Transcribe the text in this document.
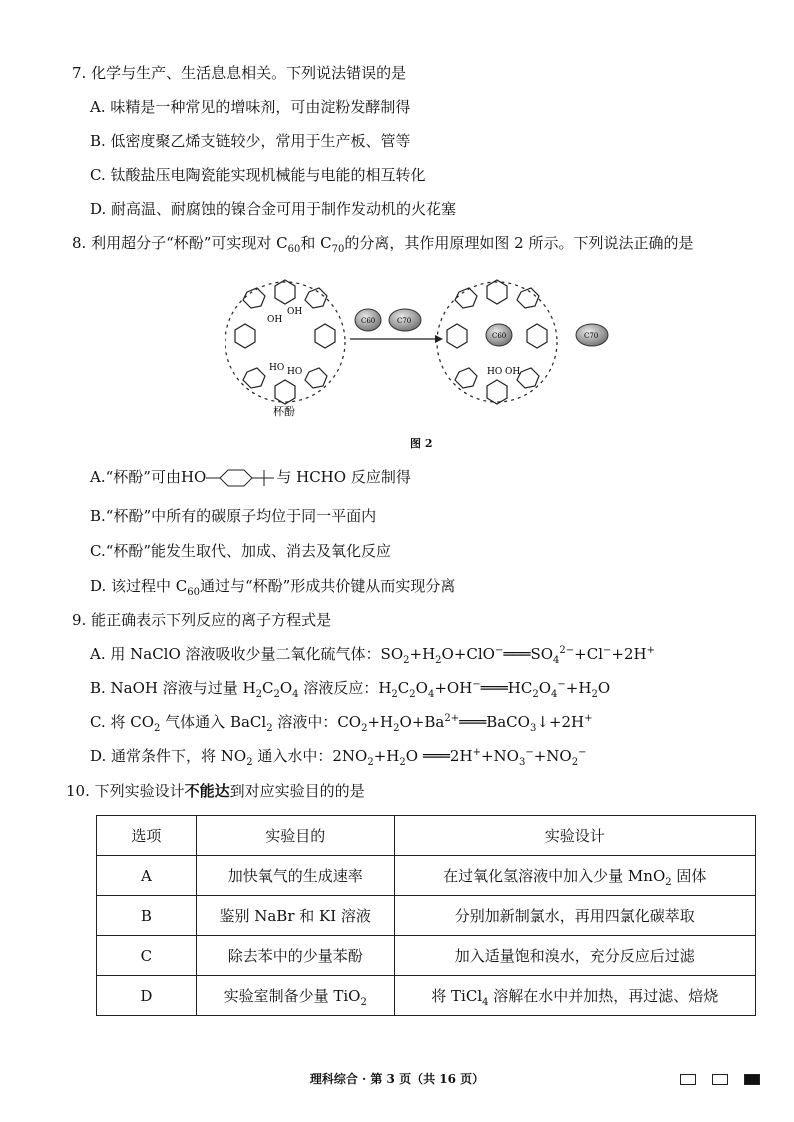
7. 化学与生产、生活息息相关。下列说法错误的是
A. 味精是一种常见的增味剂，可由淀粉发酵制得
B. 低密度聚乙烯支链较少，常用于生产板、管等
C. 钛酸盐压电陶瓷能实现机械能与电能的相互转化
D. 耐高温、耐腐蚀的镍合金可用于制作发动机的火花塞
8. 利用超分子“杯酚”可实现对 $C_{60}$和 $C_{70}$的分离，其作用原理如图 2 所示。下列说法正确的是
OH
OH
HO HO
杯酚
C60	C70
C60
HO OH
C70
图 2
A.“杯酚”可由HO	与 HCHO 反应制得
B.“杯酚”中所有的碳原子均位于同一平面内
C.“杯酚”能发生取代、加成、消去及氧化反应
D. 该过程中 $C_{60}$通过与“杯酚”形成共价键从而实现分离
9. 能正确表示下列反应的离子方程式是
A. 用 NaClO 溶液吸收少量二氧化硫气体：$SO_2+H_2O+ClO^-═══SO_4^{2-}+Cl^-+2H^+$
B. NaOH 溶液与过量 $H_2C_2O_4$ 溶液反应：$H_2C_2O_4+OH^-═══HC_2O_4^-+H_2O$
C. 将 $CO_2$ 气体通入 BaCl$_2$ 溶液中：$CO_2+H_2O+Ba^{2+}═══BaCO_3↓+2H^+$
D. 通常条件下，将 $NO_2$ 通入水中：$2NO_2+H_2O$ $═══2H^++NO_3^-+NO_2^-$
10. 下列实验设计不能达到对应实验目的的是
选项	实验目的	实验设计
A	加快氧气的生成速率	在过氧化氢溶液中加入少量 MnO$_2$ 固体
B	鉴别 NaBr 和 KI 溶液	分别加新制氯水，再用四氯化碳萃取
C	除去苯中的少量苯酚	加入适量饱和溴水，充分反应后过滤
D	实验室制备少量 TiO$_2$	将 TiCl$_4$ 溶解在水中并加热，再过滤、焙烧
理科综合 · 第 3 页（共 16 页）
